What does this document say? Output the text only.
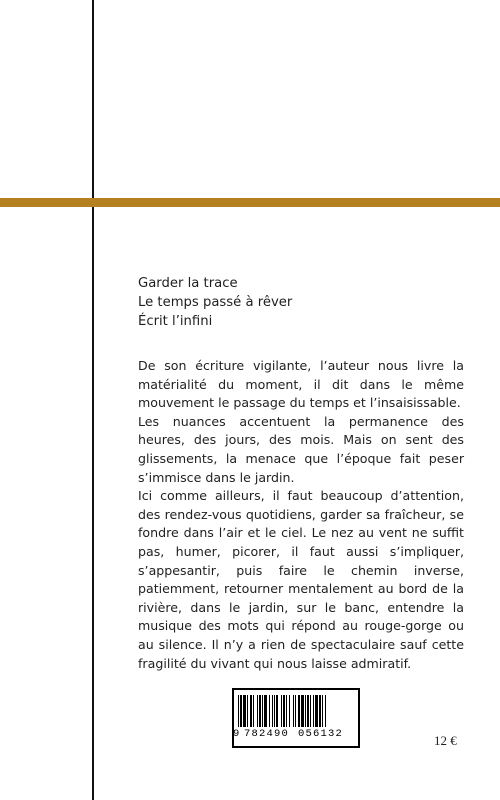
Garder la trace
Le temps passé à rêver
Écrit l’infini

De son écriture vigilante, l’auteur nous livre la matérialité du moment, il dit dans le même mouvement le passage du temps et l’insaisissable.

Les nuances accentuent la permanence des heures, des jours, des mois. Mais on sent des glissements, la menace que l’époque fait peser s’immisce dans le jardin.

Ici comme ailleurs, il faut beaucoup d’attention, des rendez-vous quotidiens, garder sa fraîcheur, se fondre dans l’air et le ciel. Le nez au vent ne suffit pas, humer, picorer, il faut aussi s’impliquer, s’appesantir, puis faire le chemin inverse, patiemment, retourner mentalement au bord de la rivière, dans le jardin, sur le banc, entendre la musique des mots qui répond au rouge-gorge ou au silence. Il n’y a rien de spectaculaire sauf cette fragilité du vivant qui nous laisse admiratif.

9 782490 056132	12 €
